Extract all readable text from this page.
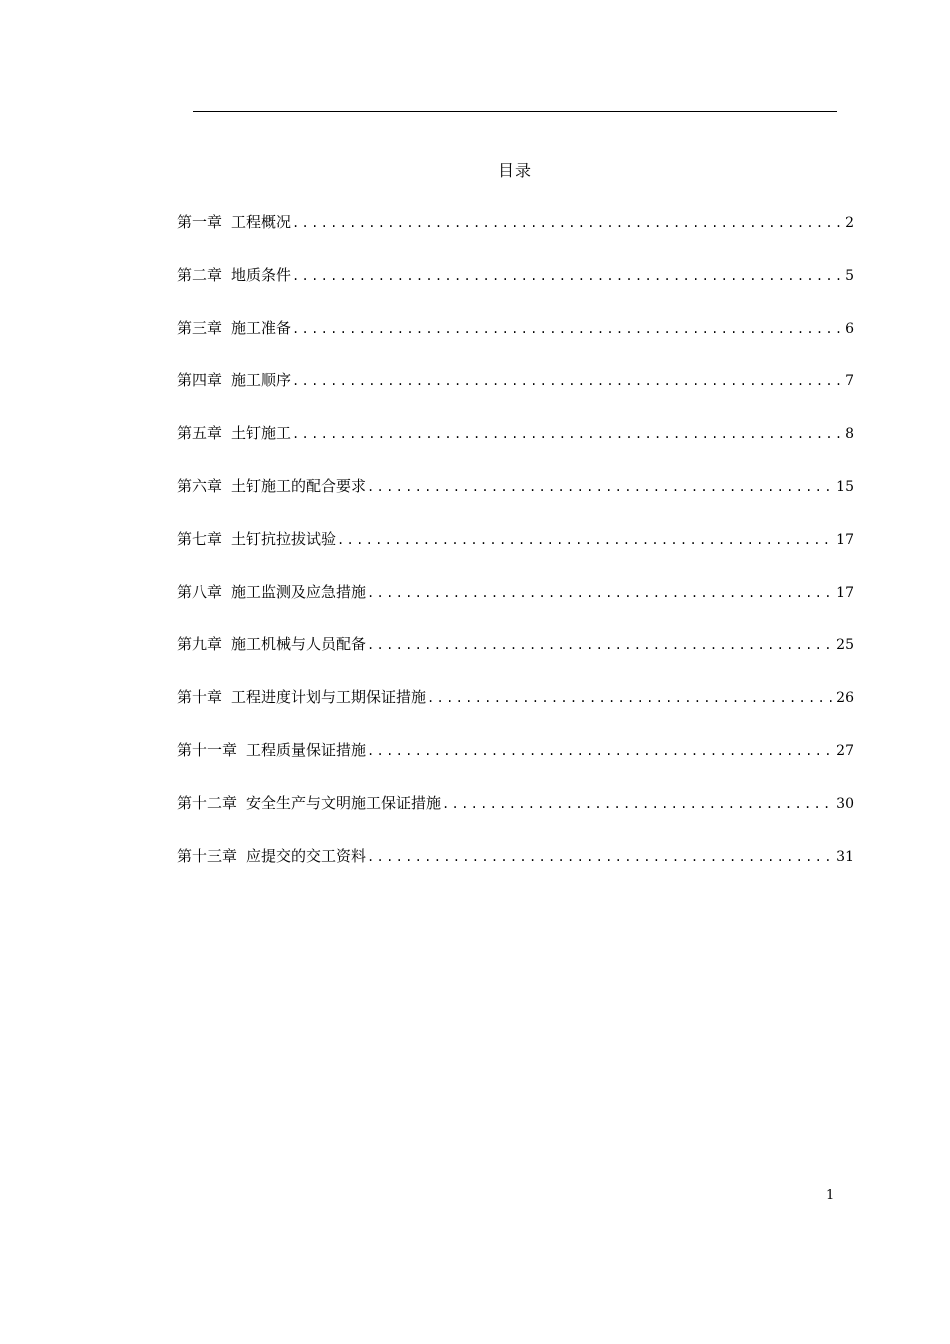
目录
第一章 工程概况 .....	2
第二章 地质条件 .....	5
第三章 施工准备 .....	6
第四章 施工顺序 .....	7
第五章 土钉施工 .....	8
第六章 土钉施工的配合要求 .....	15
第七章 土钉抗拉拔试验 .....	17
第八章 施工监测及应急措施 .....	17
第九章 施工机械与人员配备 .....	25
第十章 工程进度计划与工期保证措施 .....	26
第十一章 工程质量保证措施 .....	27
第十二章 安全生产与文明施工保证措施 .....	30
第十三章 应提交的交工资料 .....	31
1
